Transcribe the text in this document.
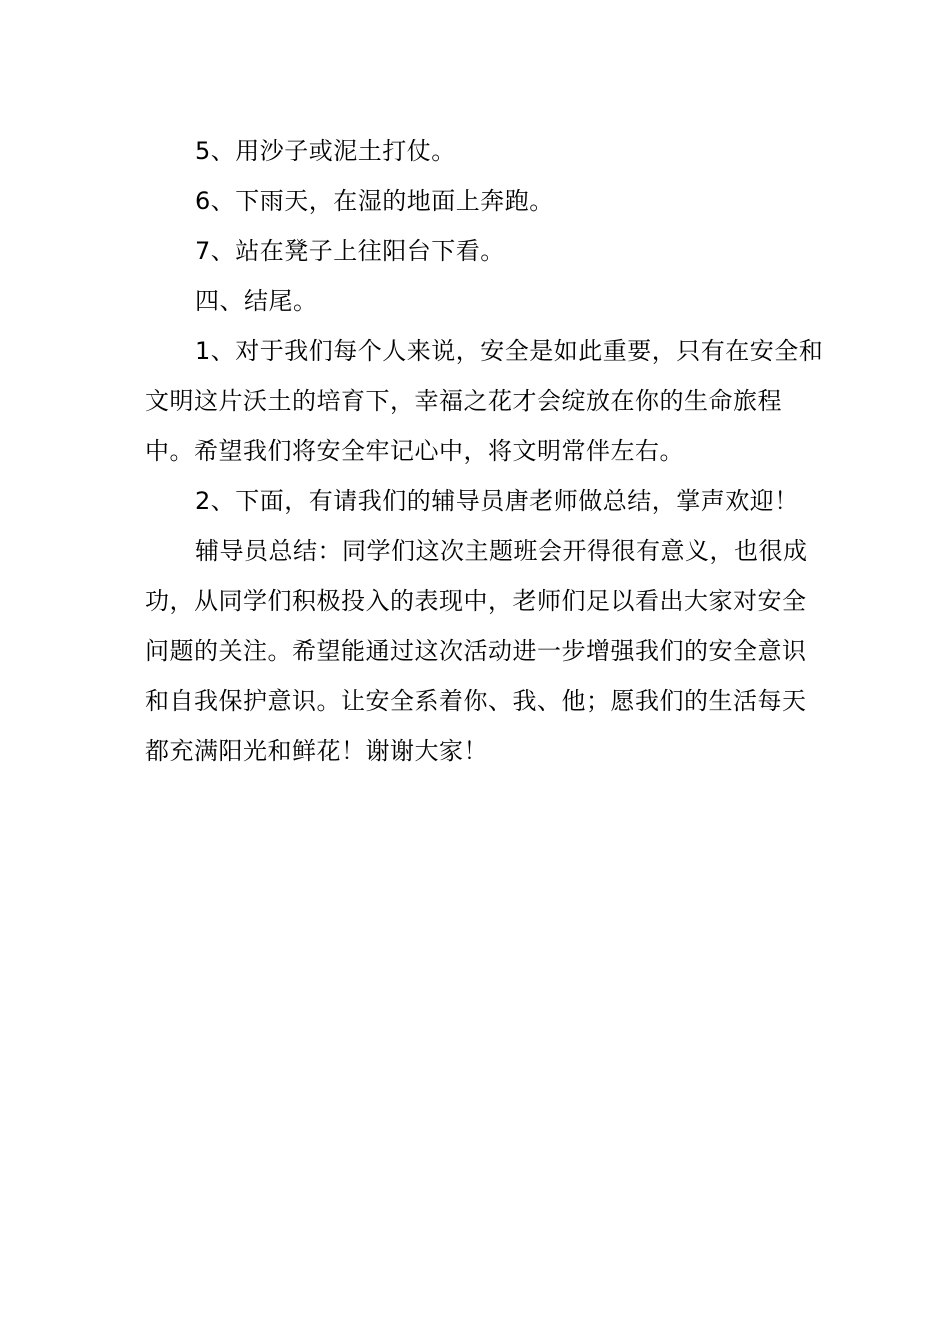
5、用沙子或泥土打仗。

6、下雨天，在湿的地面上奔跑。

7、站在凳子上往阳台下看。

四、结尾。

1、对于我们每个人来说，安全是如此重要，只有在安全和文明这片沃土的培育下，幸福之花才会绽放在你的生命旅程中。希望我们将安全牢记心中，将文明常伴左右。

2、下面，有请我们的辅导员唐老师做总结，掌声欢迎！

辅导员总结：同学们这次主题班会开得很有意义，也很成功，从同学们积极投入的表现中，老师们足以看出大家对安全问题的关注。希望能通过这次活动进一步增强我们的安全意识和自我保护意识。让安全系着你、我、他；愿我们的生活每天都充满阳光和鲜花！谢谢大家！
